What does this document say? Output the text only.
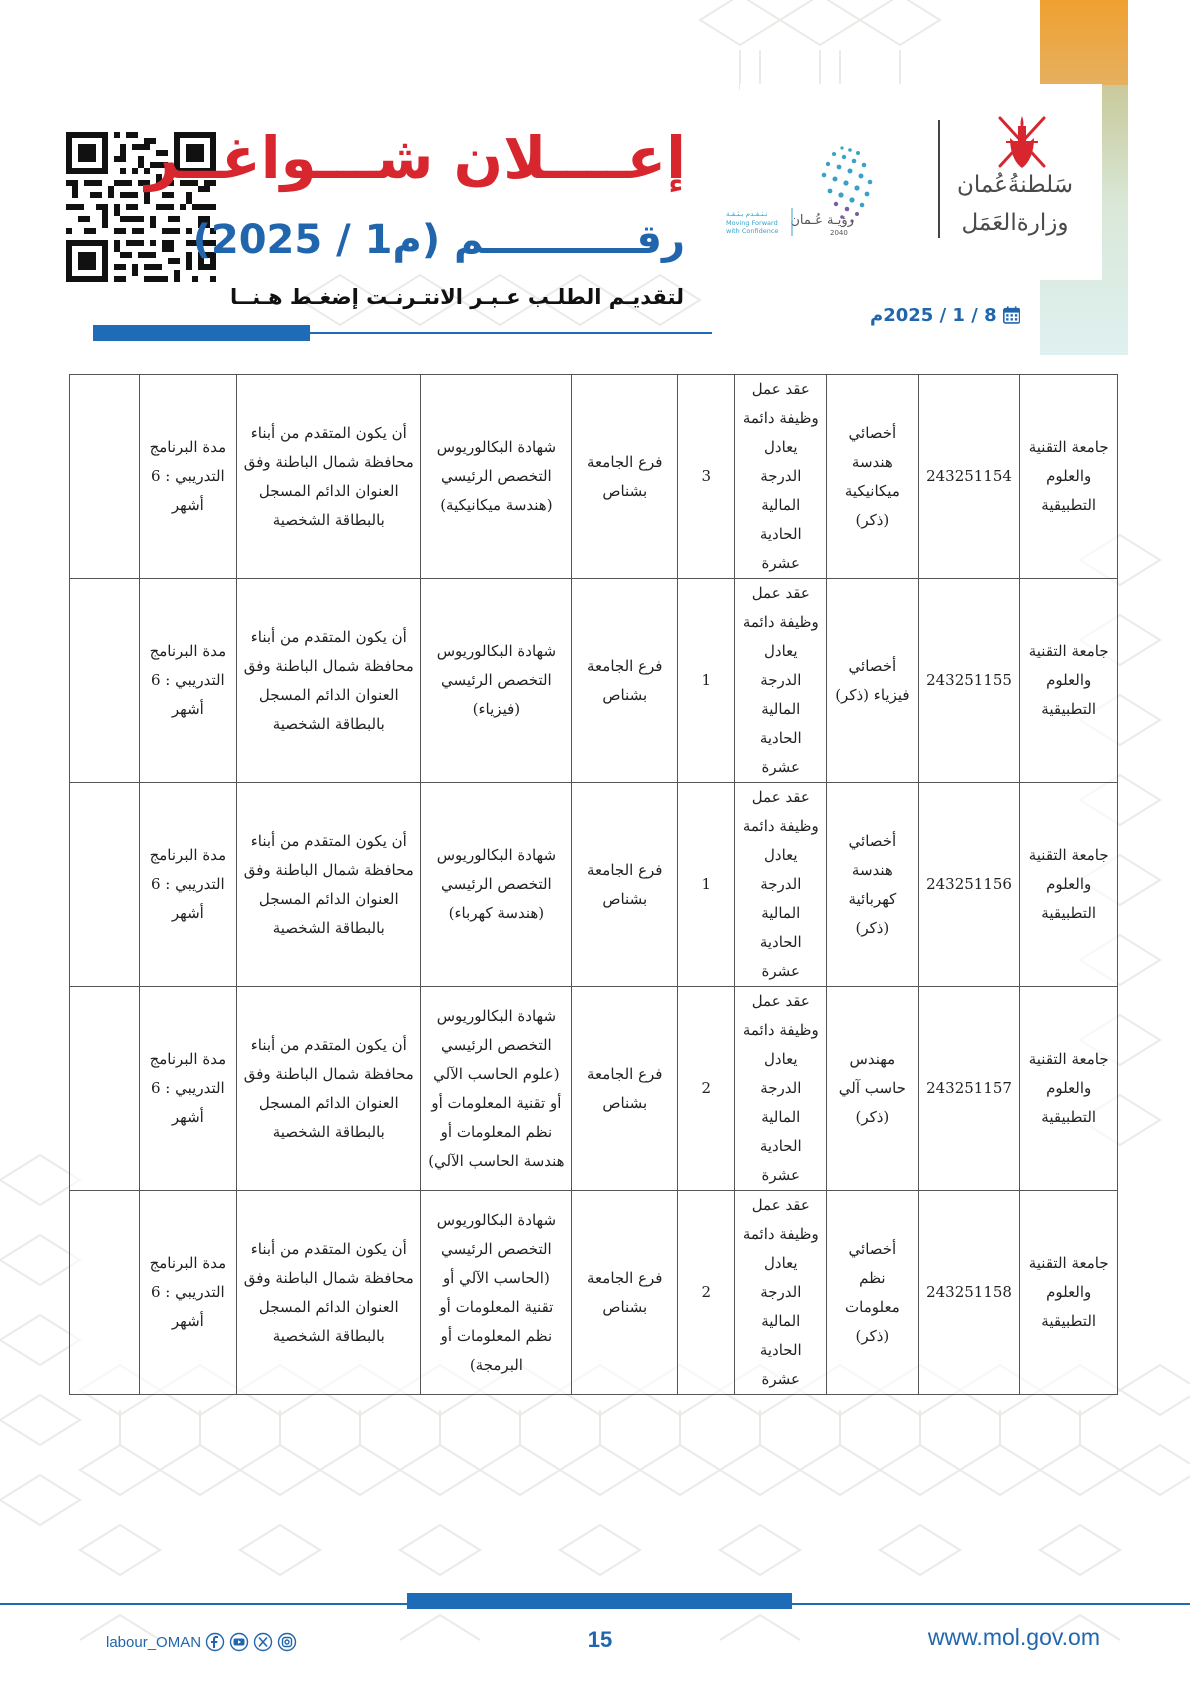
إعــــلان شـــواغــر
رقـــــــــــم (م1 / 2025)
لتقديـم الطلـب عـبـر الانتـرنـت إضغـط هـنــا
رؤيـة عُـمان
2040
نـتـقـدم بـثـقـة
Moving Forward
with Confidence
سَلطنةُعُمان
وزارةالعَمَل
8 / 1 / 2025م
جامعة التقنية والعلوم التطبيقية	243251154	أخصائي هندسة ميكانيكية (ذكر)	عقد عمل وظيفة دائمة يعادل الدرجة المالية الحادية عشرة	3	فرع الجامعة بشناص	شهادة البكالوريوس التخصص الرئيسي (هندسة ميكانيكية)	أن يكون المتقدم من أبناء محافظة شمال الباطنة وفق العنوان الدائم المسجل بالبطاقة الشخصية	مدة البرنامج التدريبي : 6 أشهر	
جامعة التقنية والعلوم التطبيقية	243251155	أخصائي فيزياء (ذكر)	عقد عمل وظيفة دائمة يعادل الدرجة المالية الحادية عشرة	1	فرع الجامعة بشناص	شهادة البكالوريوس التخصص الرئيسي (فيزياء)	أن يكون المتقدم من أبناء محافظة شمال الباطنة وفق العنوان الدائم المسجل بالبطاقة الشخصية	مدة البرنامج التدريبي : 6 أشهر	
جامعة التقنية والعلوم التطبيقية	243251156	أخصائي هندسة كهربائية (ذكر)	عقد عمل وظيفة دائمة يعادل الدرجة المالية الحادية عشرة	1	فرع الجامعة بشناص	شهادة البكالوريوس التخصص الرئيسي (هندسة كهرباء)	أن يكون المتقدم من أبناء محافظة شمال الباطنة وفق العنوان الدائم المسجل بالبطاقة الشخصية	مدة البرنامج التدريبي : 6 أشهر	
جامعة التقنية والعلوم التطبيقية	243251157	مهندس حاسب آلي (ذكر)	عقد عمل وظيفة دائمة يعادل الدرجة المالية الحادية عشرة	2	فرع الجامعة بشناص	شهادة البكالوريوس التخصص الرئيسي (علوم الحاسب الآلي أو تقنية المعلومات أو نظم المعلومات أو هندسة الحاسب الآلي)	أن يكون المتقدم من أبناء محافظة شمال الباطنة وفق العنوان الدائم المسجل بالبطاقة الشخصية	مدة البرنامج التدريبي : 6 أشهر	
جامعة التقنية والعلوم التطبيقية	243251158	أخصائي نظم معلومات (ذكر)	عقد عمل وظيفة دائمة يعادل الدرجة المالية الحادية عشرة	2	فرع الجامعة بشناص	شهادة البكالوريوس التخصص الرئيسي (الحاسب الآلي أو تقنية المعلومات أو نظم المعلومات أو البرمجة)	أن يكون المتقدم من أبناء محافظة شمال الباطنة وفق العنوان الدائم المسجل بالبطاقة الشخصية	مدة البرنامج التدريبي : 6 أشهر	
labour_OMAN	15	www.mol.gov.om
